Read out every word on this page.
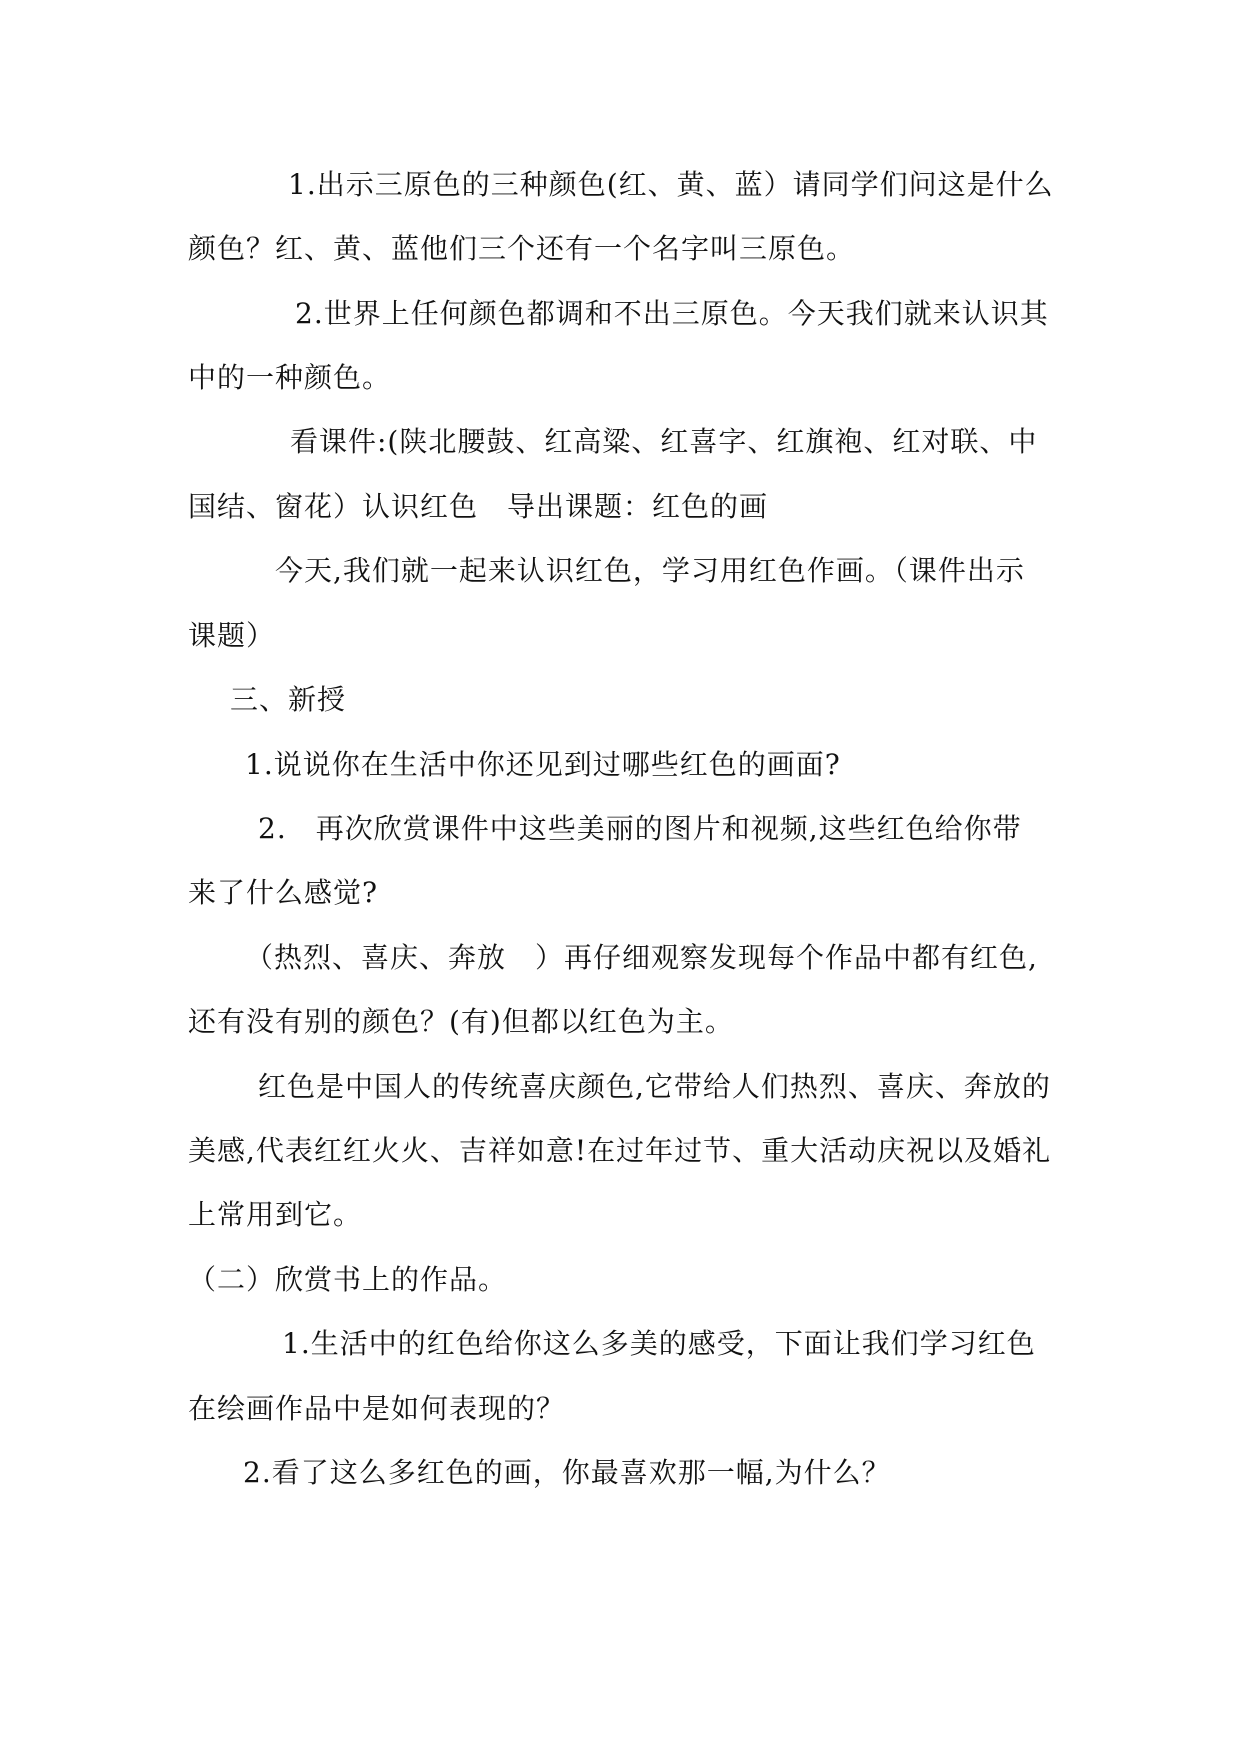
1.出示三原色的三种颜色(红、黄、蓝）请同学们问这是什么
颜色？红、黄、蓝他们三个还有一个名字叫三原色。
2.世界上任何颜色都调和不出三原色。今天我们就来认识其
中的一种颜色。
看课件:(陕北腰鼓、红高粱、红喜字、红旗袍、红对联、中
国结、窗花）认识红色　导出课题：红色的画
今天,我们就一起来认识红色，学习用红色作画。（课件出示
课题）
三、新授
1.说说你在生活中你还见到过哪些红色的画面?
2.　再次欣赏课件中这些美丽的图片和视频,这些红色给你带
来了什么感觉?
（热烈、喜庆、奔放　）再仔细观察发现每个作品中都有红色,
还有没有别的颜色？(有)但都以红色为主。
红色是中国人的传统喜庆颜色,它带给人们热烈、喜庆、奔放的
美感,代表红红火火、吉祥如意!在过年过节、重大活动庆祝以及婚礼
上常用到它。
（二）欣赏书上的作品。
1.生活中的红色给你这么多美的感受，下面让我们学习红色
在绘画作品中是如何表现的？
2.看了这么多红色的画，你最喜欢那一幅,为什么？
